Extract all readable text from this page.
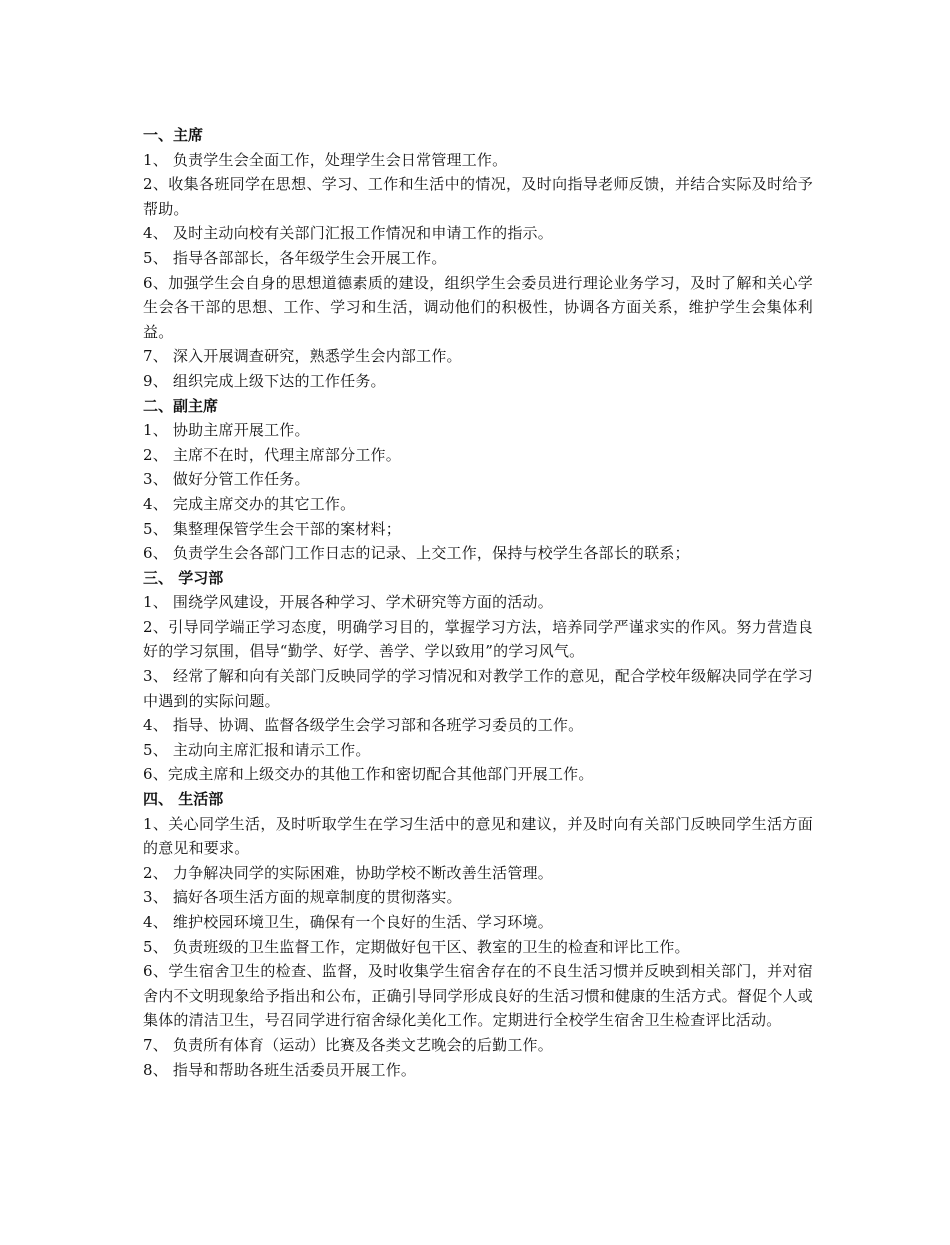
一、主席

1、 负责学生会全面工作，处理学生会日常管理工作。

2、收集各班同学在思想、学习、工作和生活中的情况，及时向指导老师反馈，并结合实际及时给予帮助。

4、 及时主动向校有关部门汇报工作情况和申请工作的指示。

5、 指导各部部长，各年级学生会开展工作。

6、加强学生会自身的思想道德素质的建设，组织学生会委员进行理论业务学习，及时了解和关心学生会各干部的思想、工作、学习和生活，调动他们的积极性，协调各方面关系，维护学生会集体利益。

7、 深入开展调查研究，熟悉学生会内部工作。

9、 组织完成上级下达的工作任务。

二、副主席

1、 协助主席开展工作。

2、 主席不在时，代理主席部分工作。

3、 做好分管工作任务。

4、 完成主席交办的其它工作。

5、 集整理保管学生会干部的案材料；

6、 负责学生会各部门工作日志的记录、上交工作，保持与校学生各部长的联系；

三、 学习部

1、 围绕学风建设，开展各种学习、学术研究等方面的活动。

2、引导同学端正学习态度，明确学习目的，掌握学习方法，培养同学严谨求实的作风。努力营造良好的学习氛围，倡导“勤学、好学、善学、学以致用”的学习风气。

3、 经常了解和向有关部门反映同学的学习情况和对教学工作的意见，配合学校年级解决同学在学习中遇到的实际问题。

4、 指导、协调、监督各级学生会学习部和各班学习委员的工作。

5、 主动向主席汇报和请示工作。

6、完成主席和上级交办的其他工作和密切配合其他部门开展工作。

四、 生活部

1、关心同学生活，及时听取学生在学习生活中的意见和建议，并及时向有关部门反映同学生活方面的意见和要求。

2、 力争解决同学的实际困难，协助学校不断改善生活管理。

3、 搞好各项生活方面的规章制度的贯彻落实。

4、 维护校园环境卫生，确保有一个良好的生活、学习环境。

5、 负责班级的卫生监督工作，定期做好包干区、教室的卫生的检查和评比工作。

6、学生宿舍卫生的检查、监督，及时收集学生宿舍存在的不良生活习惯并反映到相关部门，并对宿舍内不文明现象给予指出和公布，正确引导同学形成良好的生活习惯和健康的生活方式。督促个人或集体的清洁卫生，号召同学进行宿舍绿化美化工作。定期进行全校学生宿舍卫生检查评比活动。

7、 负责所有体育（运动）比赛及各类文艺晚会的后勤工作。

8、 指导和帮助各班生活委员开展工作。
